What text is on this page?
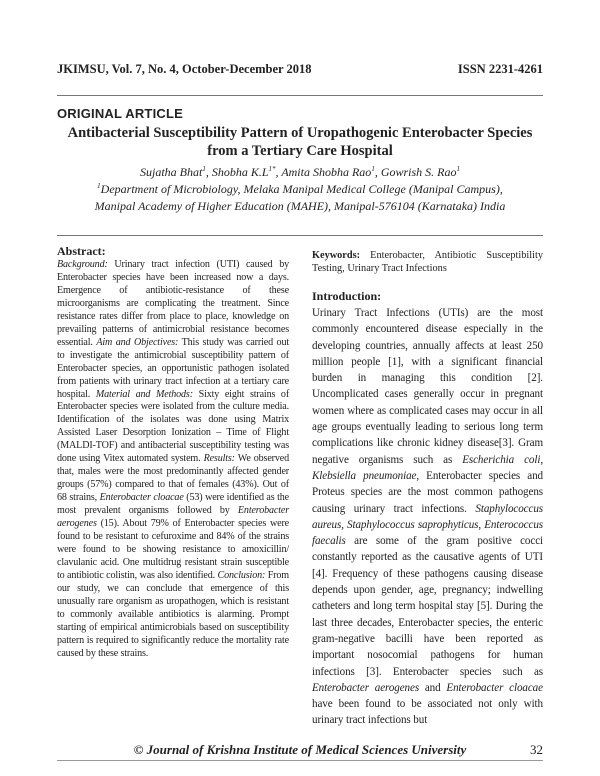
JKIMSU, Vol. 7, No. 4, October-December 2018	ISSN 2231-4261
ORIGINAL ARTICLE
Antibacterial Susceptibility Pattern of Uropathogenic Enterobacter Species from a Tertiary Care Hospital
Sujatha Bhat$^1$, Shobha $K.L^{1*}$, Amita Shobha Rao$^1$, Gowrish S. Rao$^1$
$^1$Department of Microbiology, Melaka Manipal Medical College (Manipal Campus),
Manipal Academy of Higher Education (MAHE), Manipal-576104 (Karnataka) India
Abstract:

Background: Urinary tract infection (UTI) caused by Enterobacter species have been increased now a days. Emergence of antibiotic-resistance of these microorganisms are complicating the treatment. Since resistance rates differ from place to place, knowledge on prevailing patterns of antimicrobial resistance becomes essential. Aim and Objectives: This study was carried out to investigate the antimicrobial susceptibility pattern of Enterobacter species, an opportunistic pathogen isolated from patients with urinary tract infection at a tertiary care hospital. Material and Methods: Sixty eight strains of Enterobacter species were isolated from the culture media. Identification of the isolates was done using Matrix Assisted Laser Desorption Ionization – Time of Flight (MALDI-TOF) and antibacterial susceptibility testing was done using Vitex automated system. Results: We observed that, males were the most predominantly affected gender groups (57%) compared to that of females (43%). Out of 68 strains, Enterobacter cloacae (53) were identified as the most prevalent organisms followed by Enterobacter aerogenes (15). About 79% of Enterobacter species were found to be resistant to cefuroxime and 84% of the strains were found to be showing resistance to amoxicillin/ clavulanic acid. One multidrug resistant strain susceptible to antibiotic colistin, was also identified. Conclusion: From our study, we can conclude that emergence of this unusually rare organism as uropathogen, which is resistant to commonly available antibiotics is alarming. Prompt starting of empirical antimicrobials based on susceptibility pattern is required to significantly reduce the mortality rate caused by these strains.

Keywords: Enterobacter, Antibiotic Susceptibility Testing, Urinary Tract Infections

Introduction:

Urinary Tract Infections (UTIs) are the most commonly encountered disease especially in the developing countries, annually affects at least 250 million people [1], with a significant financial burden in managing this condition [2]. Uncomplicated cases generally occur in pregnant women where as complicated cases may occur in all age groups eventually leading to serious long term complications like chronic kidney disease[3]. Gram negative organisms such as Escherichia coli, Klebsiella pneumoniae, Enterobacter species and Proteus species are the most common pathogens causing urinary tract infections. Staphylococcus aureus, Staphylococcus saprophyticus, Enterococcus faecalis are some of the gram positive cocci constantly reported as the causative agents of UTI [4]. Frequency of these pathogens causing disease depends upon gender, age, pregnancy; indwelling catheters and long term hospital stay [5]. During the last three decades, Enterobacter species, the enteric gram-negative bacilli have been reported as important nosocomial pathogens for human infections [3]. Enterobacter species such as Enterobacter aerogenes and Enterobacter cloacae have been found to be associated not only with urinary tract infections but

© Journal of Krishna Institute of Medical Sciences University	32
